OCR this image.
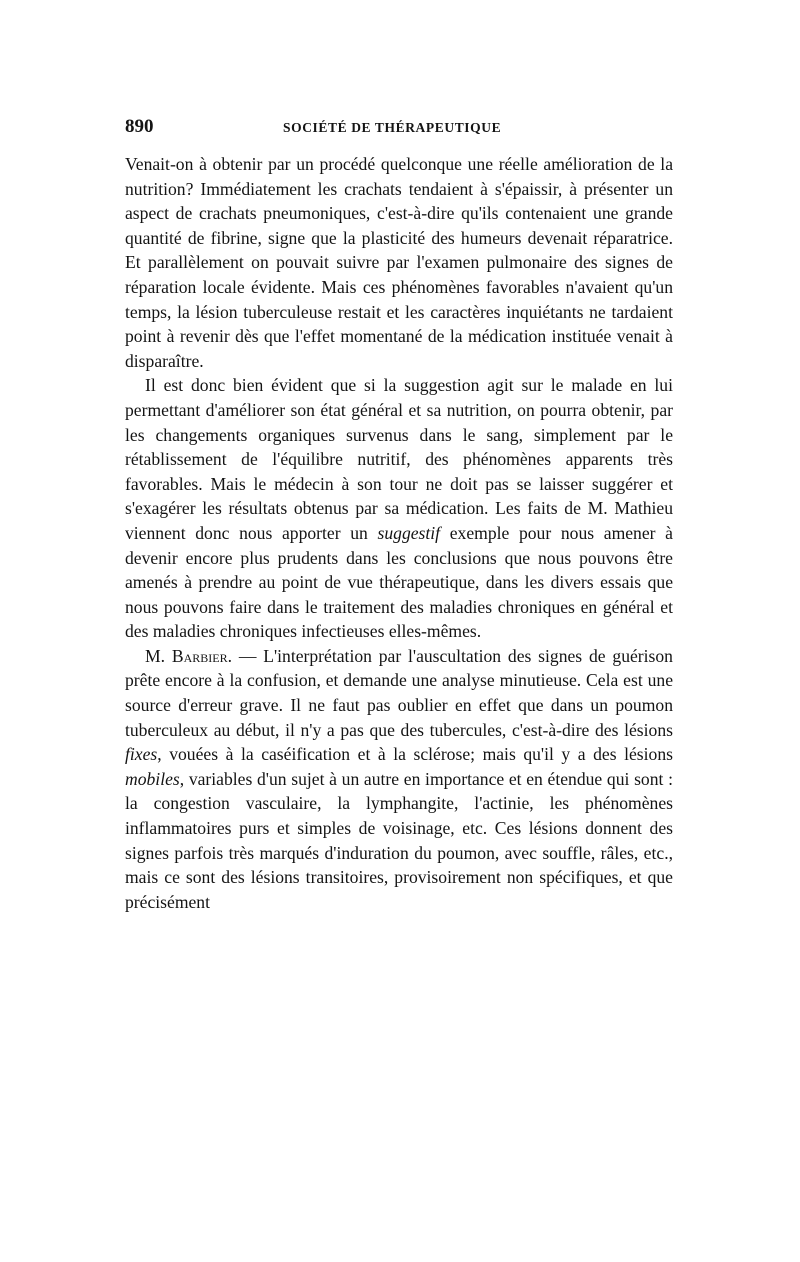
890	SOCIÉTÉ DE THÉRAPEUTIQUE

Venait-on à obtenir par un procédé quelconque une réelle amélioration de la nutrition? Immédiatement les crachats tendaient à s'épaissir, à présenter un aspect de crachats pneumoniques, c'est-à-dire qu'ils contenaient une grande quantité de fibrine, signe que la plasticité des humeurs devenait réparatrice. Et parallèlement on pouvait suivre par l'examen pulmonaire des signes de réparation locale évidente. Mais ces phénomènes favorables n'avaient qu'un temps, la lésion tuberculeuse restait et les caractères inquiétants ne tardaient point à revenir dès que l'effet momentané de la médication instituée venait à disparaître.

Il est donc bien évident que si la suggestion agit sur le malade en lui permettant d'améliorer son état général et sa nutrition, on pourra obtenir, par les changements organiques survenus dans le sang, simplement par le rétablissement de l'équilibre nutritif, des phénomènes apparents très favorables. Mais le médecin à son tour ne doit pas se laisser suggérer et s'exagérer les résultats obtenus par sa médication. Les faits de M. Mathieu viennent donc nous apporter un suggestif exemple pour nous amener à devenir encore plus prudents dans les conclusions que nous pouvons être amenés à prendre au point de vue thérapeutique, dans les divers essais que nous pouvons faire dans le traitement des maladies chroniques en général et des maladies chroniques infectieuses elles-mêmes.

M. Barbier. — L'interprétation par l'auscultation des signes de guérison prête encore à la confusion, et demande une analyse minutieuse. Cela est une source d'erreur grave. Il ne faut pas oublier en effet que dans un poumon tuberculeux au début, il n'y a pas que des tubercules, c'est-à-dire des lésions fixes, vouées à la caséification et à la sclérose; mais qu'il y a des lésions mobiles, variables d'un sujet à un autre en importance et en étendue qui sont : la congestion vasculaire, la lymphangite, l'actinie, les phénomènes inflammatoires purs et simples de voisinage, etc. Ces lésions donnent des signes parfois très marqués d'induration du poumon, avec souffle, râles, etc., mais ce sont des lésions transitoires, provisoirement non spécifiques, et que précisément
